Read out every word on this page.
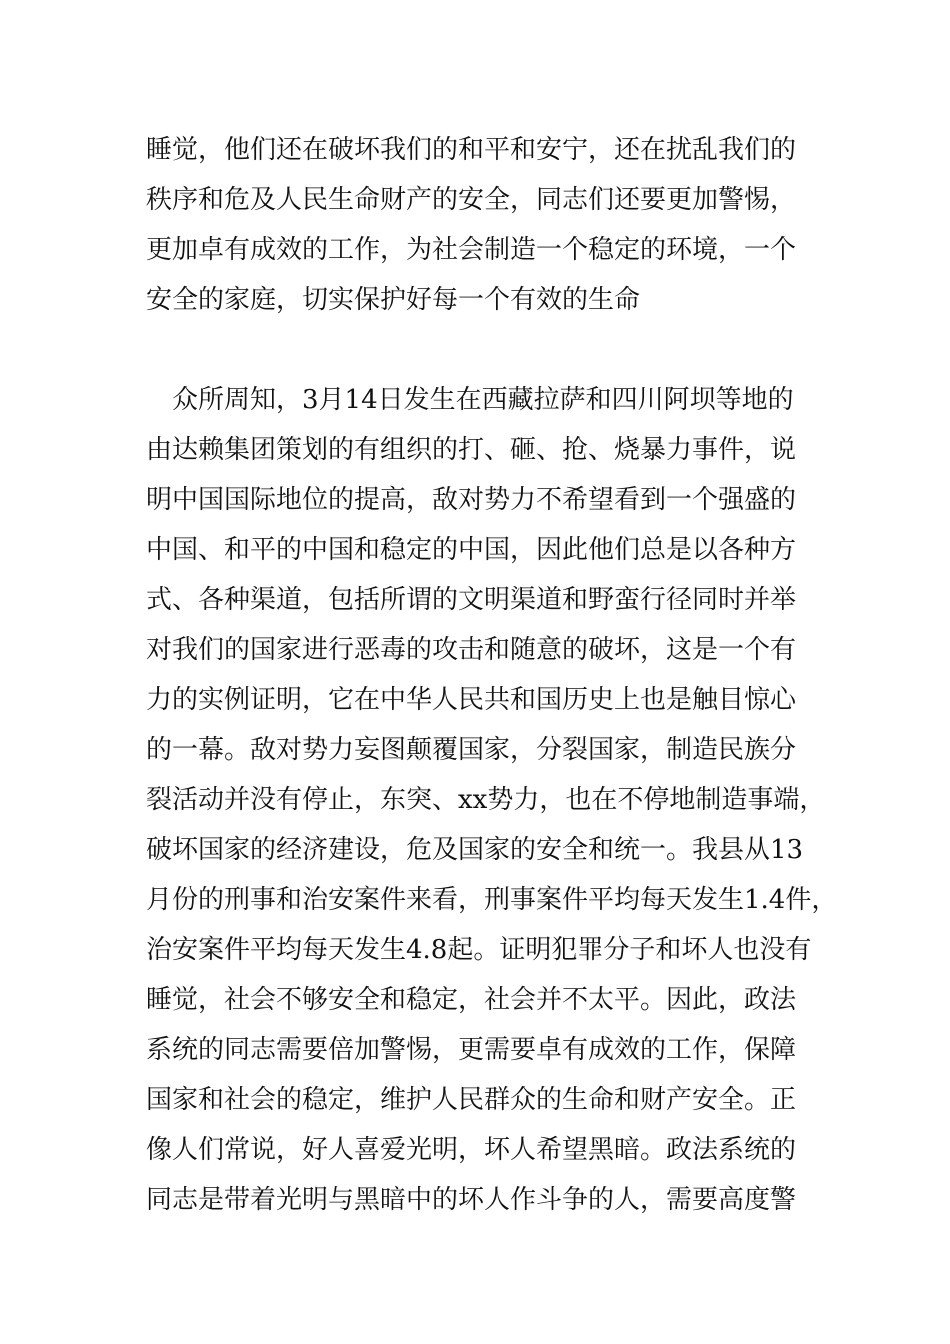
睡觉，他们还在破坏我们的和平和安宁，还在扰乱我们的
秩序和危及人民生命财产的安全，同志们还要更加警惕，
更加卓有成效的工作，为社会制造一个稳定的环境，一个
安全的家庭，切实保护好每一个有效的生命
　众所周知，3月14日发生在西藏拉萨和四川阿坝等地的
由达赖集团策划的有组织的打、砸、抢、烧暴力事件，说
明中国国际地位的提高，敌对势力不希望看到一个强盛的
中国、和平的中国和稳定的中国，因此他们总是以各种方
式、各种渠道，包括所谓的文明渠道和野蛮行径同时并举
对我们的国家进行恶毒的攻击和随意的破坏，这是一个有
力的实例证明，它在中华人民共和国历史上也是触目惊心
的一幕。敌对势力妄图颠覆国家，分裂国家，制造民族分
裂活动并没有停止，东突、xx势力，也在不停地制造事端，
破坏国家的经济建设，危及国家的安全和统一。我县从13
月份的刑事和治安案件来看，刑事案件平均每天发生1.4件，
治安案件平均每天发生4.8起。证明犯罪分子和坏人也没有
睡觉，社会不够安全和稳定，社会并不太平。因此，政法
系统的同志需要倍加警惕，更需要卓有成效的工作，保障
国家和社会的稳定，维护人民群众的生命和财产安全。正
像人们常说，好人喜爱光明，坏人希望黑暗。政法系统的
同志是带着光明与黑暗中的坏人作斗争的人，需要高度警
